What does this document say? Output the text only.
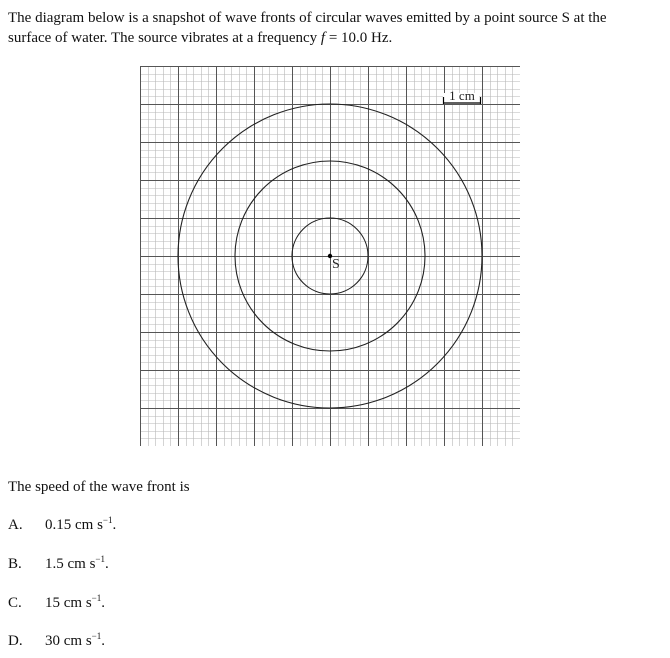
The diagram below is a snapshot of wave fronts of circular waves emitted by a point source S at the
surface of water. The source vibrates at a frequency f = 10.0 Hz.
S
1 cm

The speed of the wave front is

A. 0.15 cm $s^{-1}$.
B. 1.5 cm $s^{-1}$.
C. 15 cm $s^{-1}$.
D. 30 cm $s^{-1}$.
